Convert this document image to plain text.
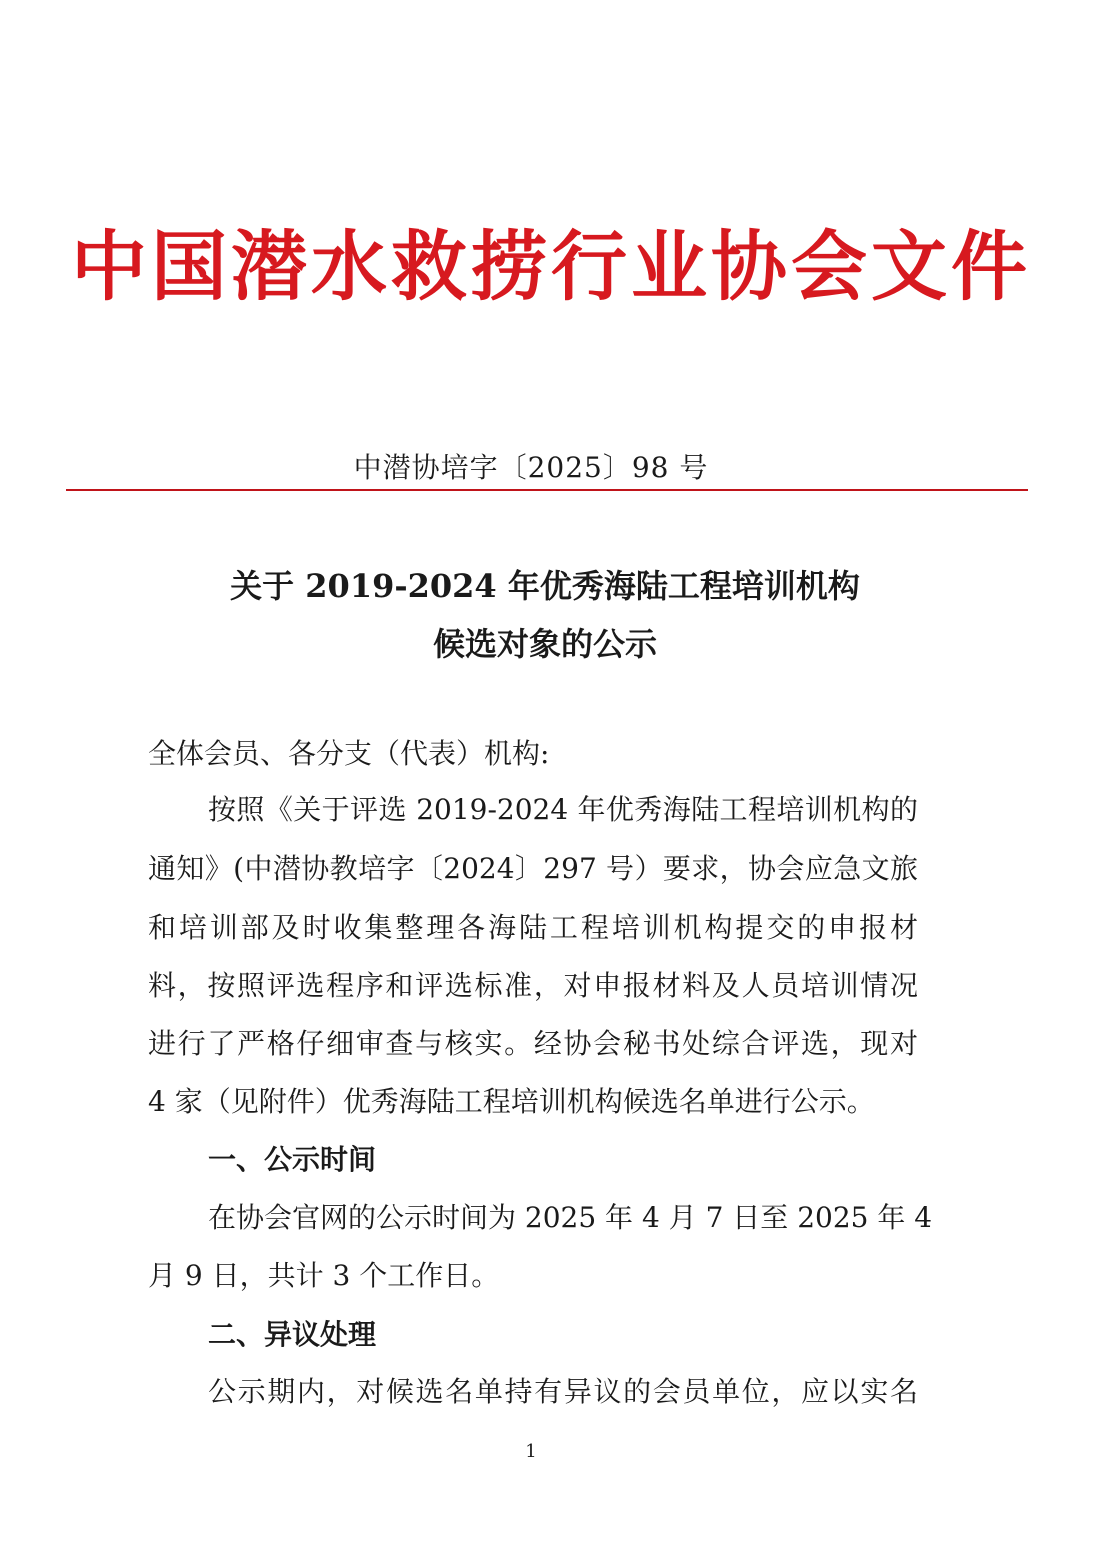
中国潜水救捞行业协会文件
中潜协培字〔2025〕98 号
关于 2019-2024 年优秀海陆工程培训机构
候选对象的公示
全体会员、各分支（代表）机构:
按照《关于评选 2019-2024 年优秀海陆工程培训机构的
通知》(中潜协教培字〔2024〕297 号）要求，协会应急文旅
和培训部及时收集整理各海陆工程培训机构提交的申报材
料，按照评选程序和评选标准，对申报材料及人员培训情况
进行了严格仔细审查与核实。经协会秘书处综合评选，现对
4 家（见附件）优秀海陆工程培训机构候选名单进行公示。
一、公示时间
在协会官网的公示时间为 2025 年 4 月 7 日至 2025 年 4
月 9 日，共计 3 个工作日。
二、异议处理
公示期内，对候选名单持有异议的会员单位，应以实名
1
